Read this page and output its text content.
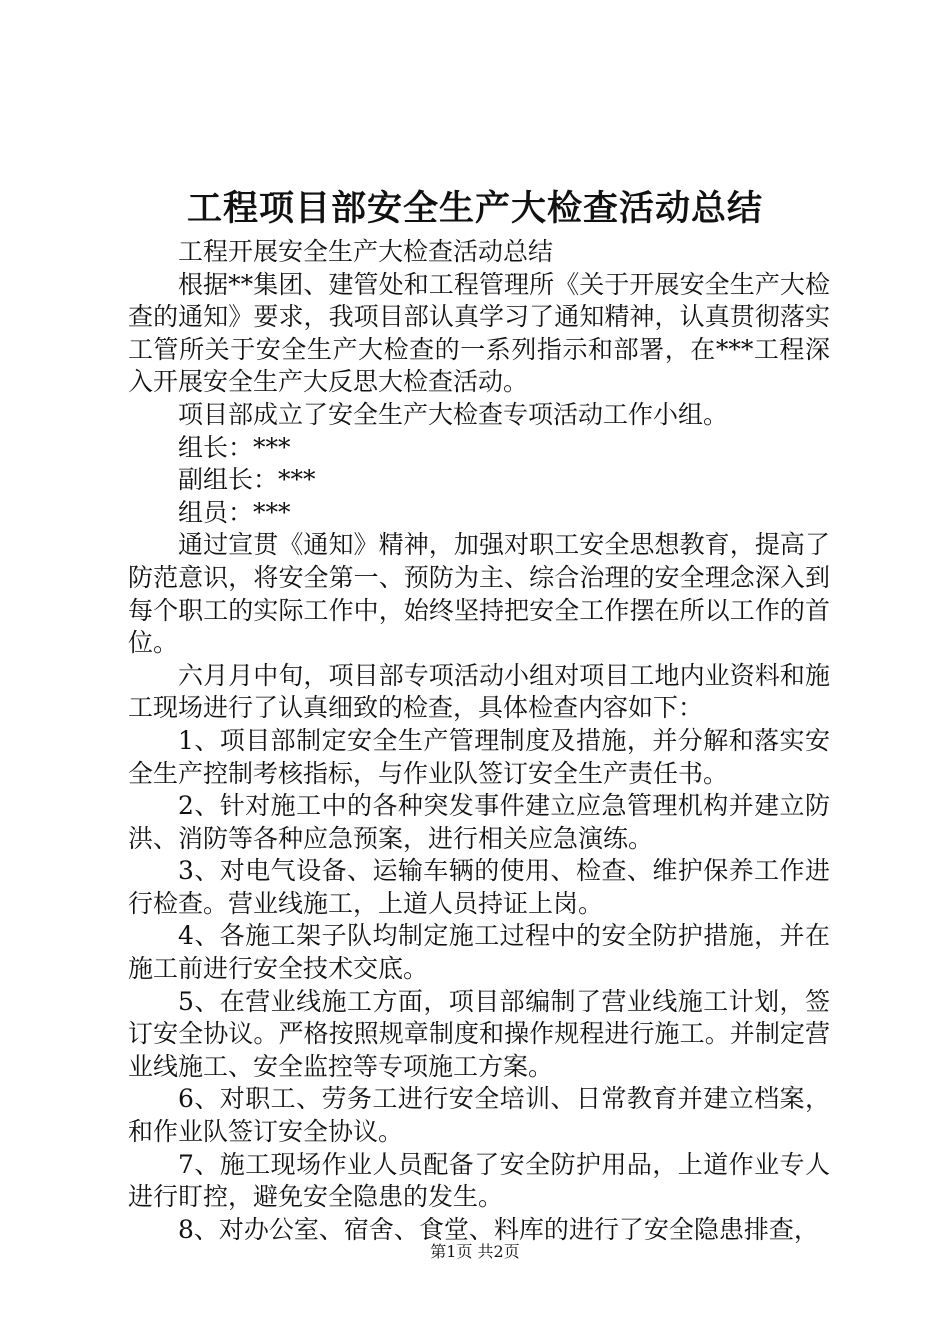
工程项目部安全生产大检查活动总结

工程开展安全生产大检查活动总结

根据**集团、建管处和工程管理所《关于开展安全生产大检查的通知》要求，我项目部认真学习了通知精神，认真贯彻落实工管所关于安全生产大检查的一系列指示和部署，在***工程深入开展安全生产大反思大检查活动。

项目部成立了安全生产大检查专项活动工作小组。

组长：***

副组长：***

组员：***

通过宣贯《通知》精神，加强对职工安全思想教育，提高了防范意识，将安全第一、预防为主、综合治理的安全理念深入到每个职工的实际工作中，始终坚持把安全工作摆在所以工作的首位。

六月月中旬，项目部专项活动小组对项目工地内业资料和施工现场进行了认真细致的检查，具体检查内容如下：

1、项目部制定安全生产管理制度及措施，并分解和落实安全生产控制考核指标，与作业队签订安全生产责任书。

2、针对施工中的各种突发事件建立应急管理机构并建立防洪、消防等各种应急预案，进行相关应急演练。

3、对电气设备、运输车辆的使用、检查、维护保养工作进行检查。营业线施工，上道人员持证上岗。

4、各施工架子队均制定施工过程中的安全防护措施，并在施工前进行安全技术交底。

5、在营业线施工方面，项目部编制了营业线施工计划，签订安全协议。严格按照规章制度和操作规程进行施工。并制定营业线施工、安全监控等专项施工方案。

6、对职工、劳务工进行安全培训、日常教育并建立档案，和作业队签订安全协议。

7、施工现场作业人员配备了安全防护用品，上道作业专人进行盯控，避免安全隐患的发生。

8、对办公室、宿舍、食堂、料库的进行了安全隐患排查，

第1页 共2页
